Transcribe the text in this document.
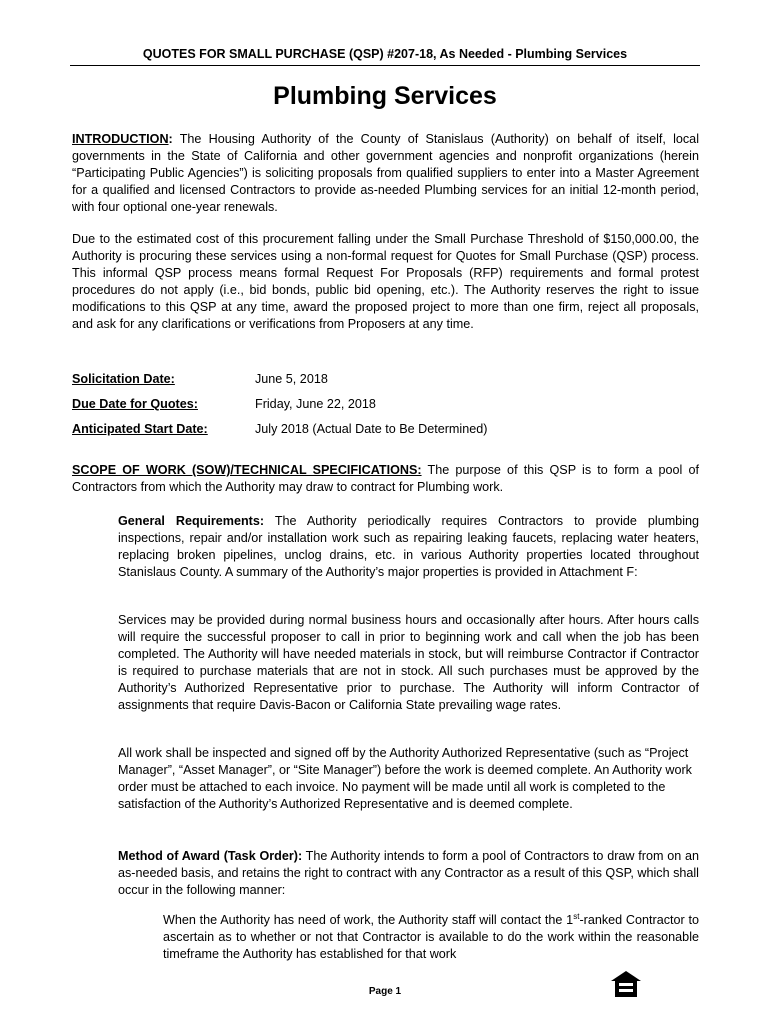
QUOTES FOR SMALL PURCHASE (QSP) #207-18, As Needed - Plumbing Services
Plumbing Services

INTRODUCTION: The Housing Authority of the County of Stanislaus (Authority) on behalf of itself, local governments in the State of California and other government agencies and nonprofit organizations (herein “Participating Public Agencies”) is soliciting proposals from qualified suppliers to enter into a Master Agreement for a qualified and licensed Contractors to provide as-needed Plumbing services for an initial 12-month period, with four optional one-year renewals.

Due to the estimated cost of this procurement falling under the Small Purchase Threshold of $150,000.00, the Authority is procuring these services using a non-formal request for Quotes for Small Purchase (QSP) process. This informal QSP process means formal Request For Proposals (RFP) requirements and formal protest procedures do not apply (i.e., bid bonds, public bid opening, etc.). The Authority reserves the right to issue modifications to this QSP at any time, award the proposed project to more than one firm, reject all proposals, and ask for any clarifications or verifications from Proposers at any time.

Solicitation Date:	June 5, 2018
Due Date for Quotes:	Friday, June 22, 2018
Anticipated Start Date:	July 2018 (Actual Date to Be Determined)

SCOPE OF WORK (SOW)/TECHNICAL SPECIFICATIONS: The purpose of this QSP is to form a pool of Contractors from which the Authority may draw to contract for Plumbing work.

General Requirements: The Authority periodically requires Contractors to provide plumbing inspections, repair and/or installation work such as repairing leaking faucets, replacing water heaters, replacing broken pipelines, unclog drains, etc. in various Authority properties located throughout Stanislaus County. A summary of the Authority’s major properties is provided in Attachment F:

Services may be provided during normal business hours and occasionally after hours. After hours calls will require the successful proposer to call in prior to beginning work and call when the job has been completed. The Authority will have needed materials in stock, but will reimburse Contractor if Contractor is required to purchase materials that are not in stock. All such purchases must be approved by the Authority’s Authorized Representative prior to purchase. The Authority will inform Contractor of assignments that require Davis-Bacon or California State prevailing wage rates.

All work shall be inspected and signed off by the Authority Authorized Representative (such as “Project Manager”, “Asset Manager”, or “Site Manager”) before the work is deemed complete. An Authority work order must be attached to each invoice. No payment will be made until all work is completed to the satisfaction of the Authority’s Authorized Representative and is deemed complete.

Method of Award (Task Order): The Authority intends to form a pool of Contractors to draw from on an as-needed basis, and retains the right to contract with any Contractor as a result of this QSP, which shall occur in the following manner:

When the Authority has need of work, the Authority staff will contact the 1st-ranked Contractor to ascertain as to whether or not that Contractor is available to do the work within the reasonable timeframe the Authority has established for that work

Page 1
